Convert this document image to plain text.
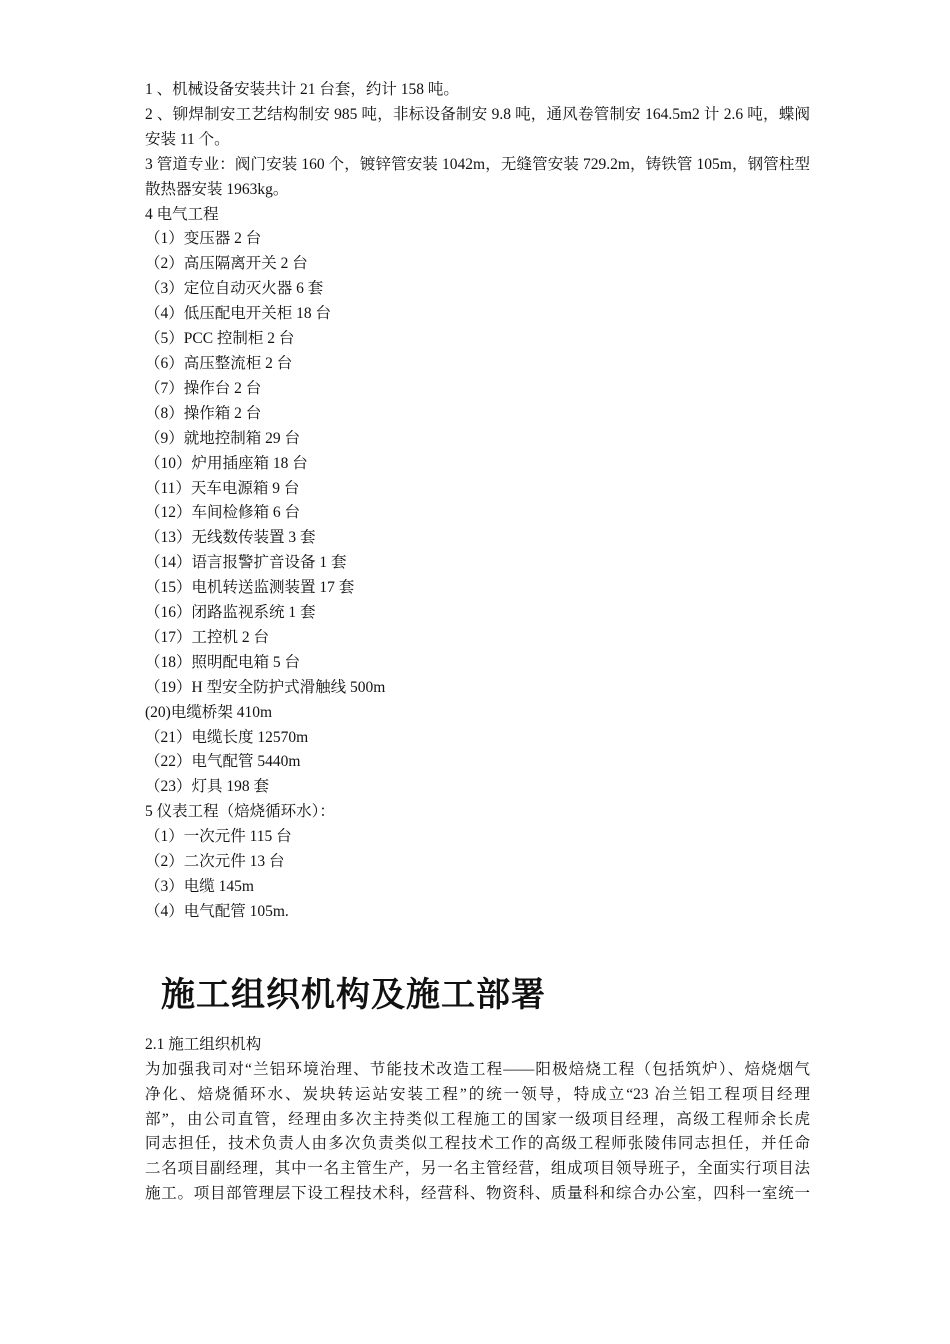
1 、机械设备安装共计 21 台套，约计 158 吨。
2 、铆焊制安工艺结构制安 985 吨，非标设备制安 9.8 吨，通风卷管制安 164.5m2 计 2.6 吨，蝶阀安装 11 个。
3 管道专业：阀门安装 160 个，镀锌管安装 1042m，无缝管安装 729.2m，铸铁管 105m，钢管柱型散热器安装 1963kg。
4 电气工程
（1）变压器 2 台
（2）高压隔离开关 2 台
（3）定位自动灭火器 6 套
（4）低压配电开关柜 18 台
（5）PCC 控制柜 2 台
（6）高压整流柜 2 台
（7）操作台 2 台
（8）操作箱 2 台
（9）就地控制箱 29 台
（10）炉用插座箱 18 台
（11）天车电源箱 9 台
（12）车间检修箱 6 台
（13）无线数传装置 3 套
（14）语言报警扩音设备 1 套
（15）电机转送监测装置 17 套
（16）闭路监视系统 1 套
（17）工控机 2 台
（18）照明配电箱 5 台
（19）H 型安全防护式滑触线 500m
(20)电缆桥架 410m
（21）电缆长度 12570m
（22）电气配管 5440m
（23）灯具 198 套
5 仪表工程（焙烧循环水）：
（1）一次元件 115 台
（2）二次元件 13 台
（3）电缆 145m
（4）电气配管 105m.
施工组织机构及施工部署
2.1 施工组织机构
为加强我司对“兰铝环境治理、节能技术改造工程——阳极焙烧工程（包括筑炉）、焙烧烟气
净化、焙烧循环水、炭块转运站安装工程”的统一领导，特成立“23 冶兰铝工程项目经理
部”，由公司直管，经理由多次主持类似工程施工的国家一级项目经理，高级工程师余长虎
同志担任，技术负责人由多次负责类似工程技术工作的高级工程师张陵伟同志担任，并任命
二名项目副经理，其中一名主管生产，另一名主管经营，组成项目领导班子，全面实行项目法
施工。项目部管理层下设工程技术科，经营科、物资科、质量科和综合办公室，四科一室统一
